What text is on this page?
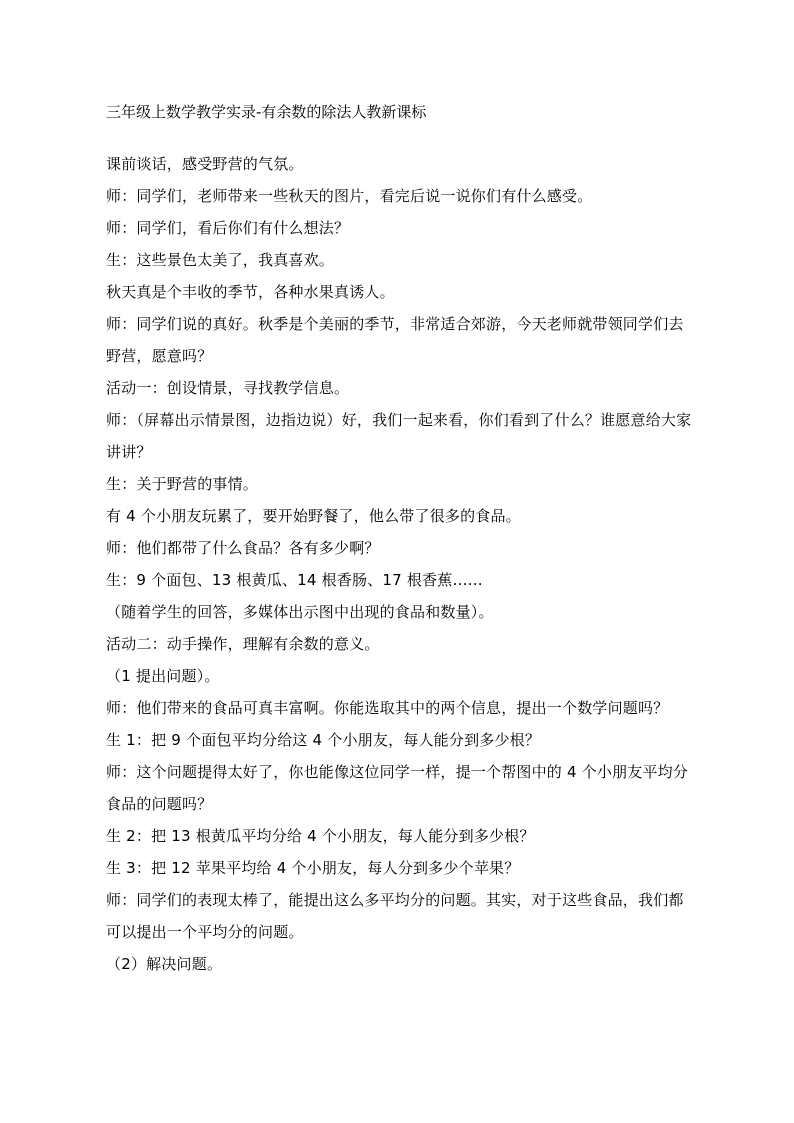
三年级上数学教学实录-有余数的除法人教新课标

课前谈话，感受野营的气氛。

师：同学们，老师带来一些秋天的图片，看完后说一说你们有什么感受。

师：同学们，看后你们有什么想法？

生：这些景色太美了，我真喜欢。

秋天真是个丰收的季节，各种水果真诱人。

师：同学们说的真好。秋季是个美丽的季节，非常适合郊游，今天老师就带领同学们去野营，愿意吗？

活动一：创设情景，寻找教学信息。

师：（屏幕出示情景图，边指边说）好，我们一起来看，你们看到了什么？谁愿意给大家讲讲？

生：关于野营的事情。

有 4 个小朋友玩累了，要开始野餐了，他么带了很多的食品。

师：他们都带了什么食品？各有多少啊？

生：9 个面包、13 根黄瓜、14 根香肠、17 根香蕉……

（随着学生的回答，多媒体出示图中出现的食品和数量）。

活动二：动手操作，理解有余数的意义。

（1 提出问题）。

师：他们带来的食品可真丰富啊。你能选取其中的两个信息，提出一个数学问题吗？

生 1：把 9 个面包平均分给这 4 个小朋友，每人能分到多少根？

师：这个问题提得太好了，你也能像这位同学一样，提一个帮图中的 4 个小朋友平均分食品的问题吗？

生 2：把 13 根黄瓜平均分给 4 个小朋友，每人能分到多少根？

生 3：把 12 苹果平均给 4 个小朋友，每人分到多少个苹果？

师：同学们的表现太棒了，能提出这么多平均分的问题。其实，对于这些食品，我们都可以提出一个平均分的问题。

（2）解决问题。
